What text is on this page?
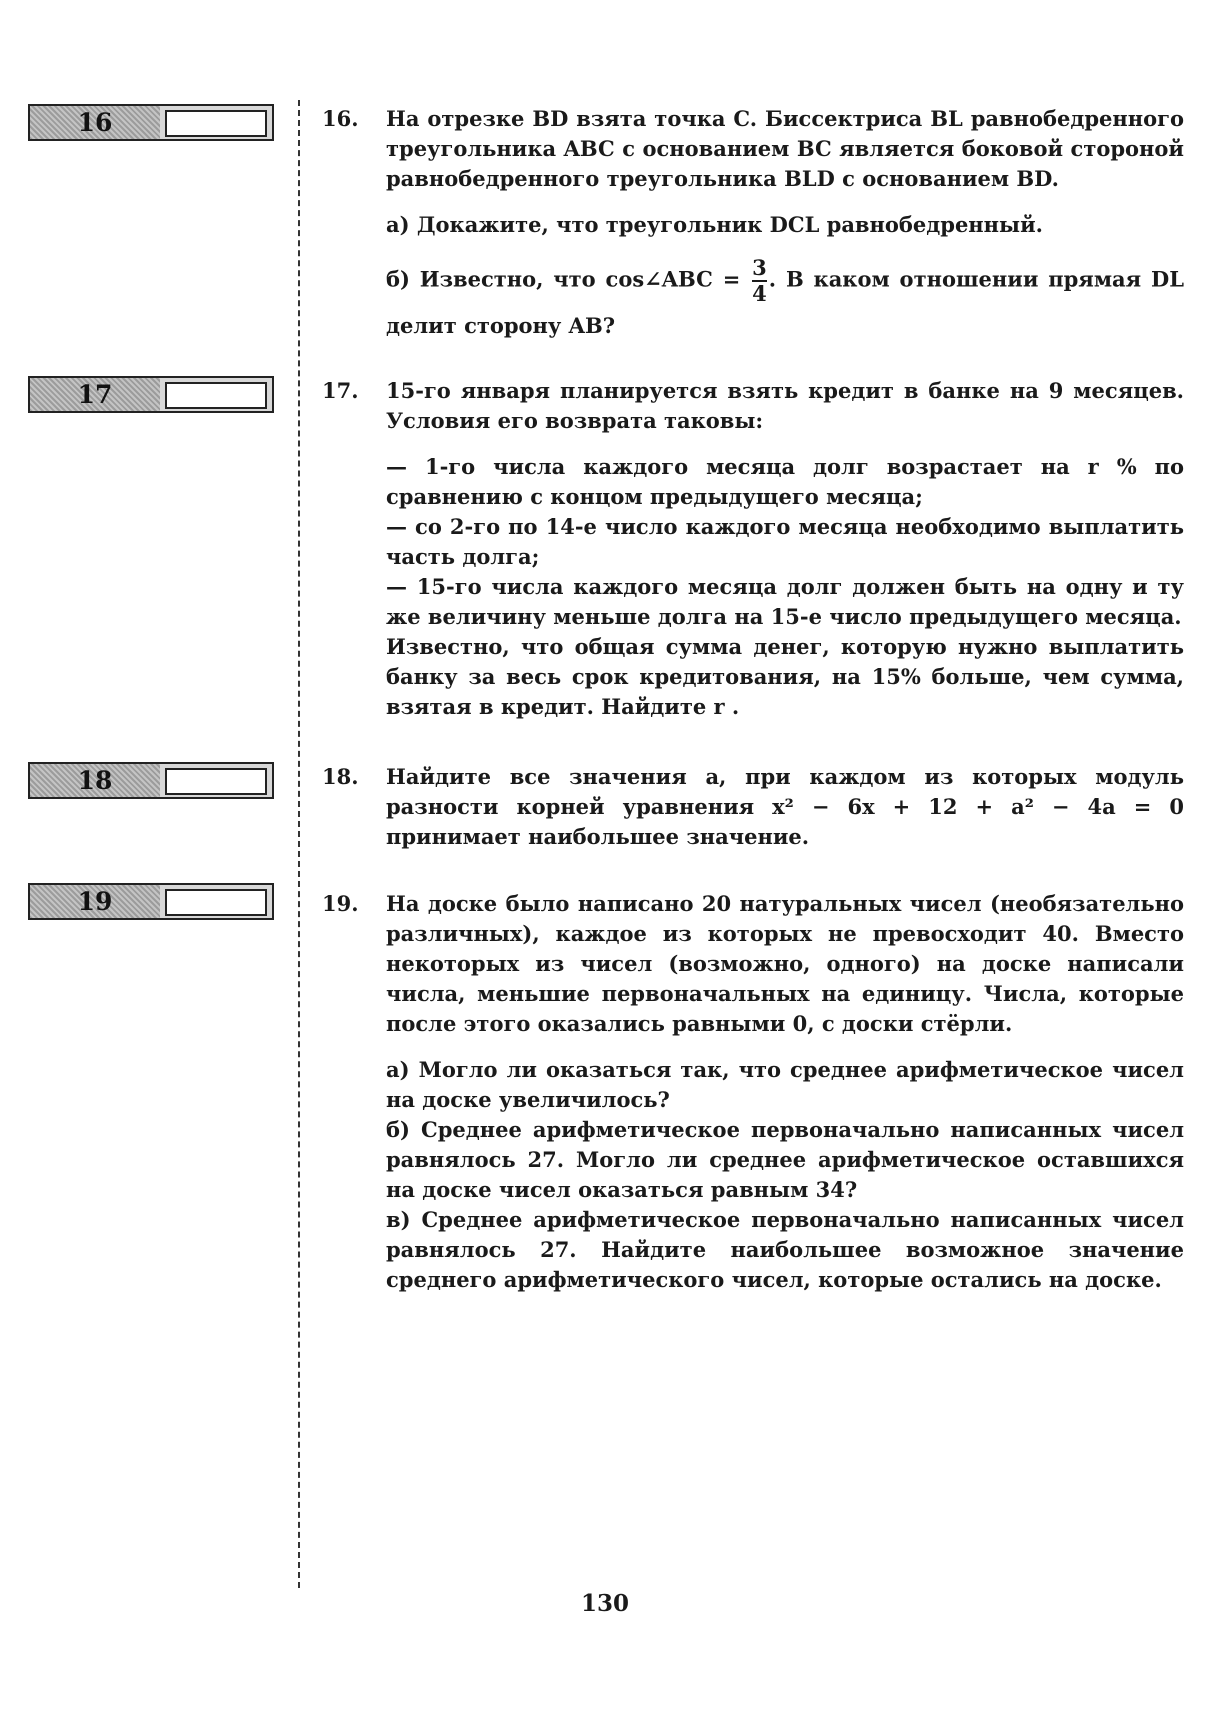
16
17
18
19
16. На отрезке BD взята точка C. Биссектриса BL равнобедренного треугольника ABC с основанием BC является боковой стороной равнобедренного треугольника BLD с основанием BD.

а) Докажите, что треугольник DCL равнобедренный.

б) Известно, что cos∠ABC = $\frac{3}{4}$ . В каком отношении прямая DL делит сторону AB?

17. 15-го января планируется взять кредит в банке на 9 месяцев. Условия его возврата таковы:

— 1-го числа каждого месяца долг возрастает на r % по сравнению с концом предыдущего месяца;

— со 2-го по 14-е число каждого месяца необходимо выплатить часть долга;

— 15-го числа каждого месяца долг должен быть на одну и ту же величину меньше долга на 15-е число предыдущего месяца.

Известно, что общая сумма денег, которую нужно выплатить банку за весь срок кредитования, на 15% больше, чем сумма, взятая в кредит. Найдите r .

18. Найдите все значения a, при каждом из которых модуль разности корней уравнения x² − 6x + 12 + a² − 4a = 0 принимает наибольшее значение.

19. На доске было написано 20 натуральных чисел (необязательно различных), каждое из которых не превосходит 40. Вместо некоторых из чисел (возможно, одного) на доске написали числа, меньшие первоначальных на единицу. Числа, которые после этого оказались равными 0, с доски стёрли.

а) Могло ли оказаться так, что среднее арифметическое чисел на доске увеличилось?

б) Среднее арифметическое первоначально написанных чисел равнялось 27. Могло ли среднее арифметическое оставшихся на доске чисел оказаться равным 34?

в) Среднее арифметическое первоначально написанных чисел равнялось 27. Найдите наибольшее возможное значение среднего арифметического чисел, которые остались на доске.

130
